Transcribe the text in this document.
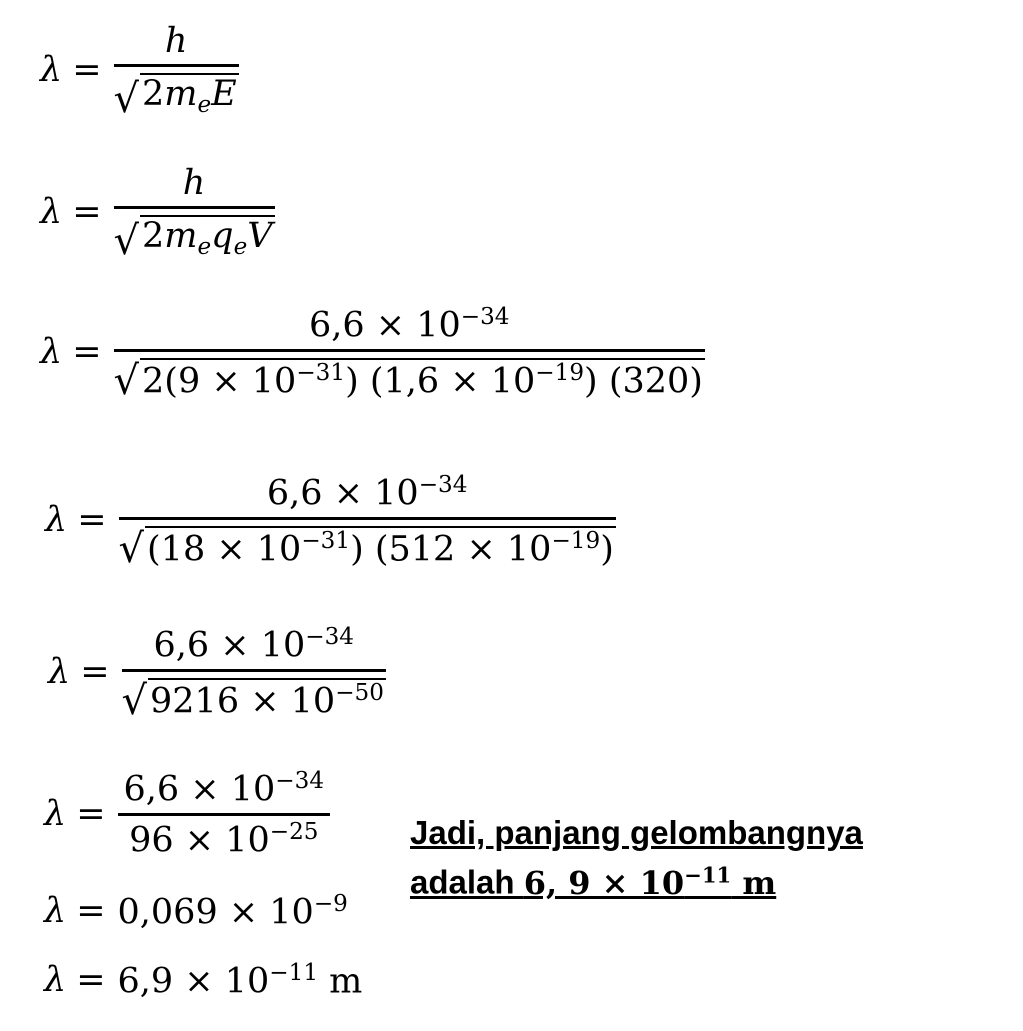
$\lambda = \frac{h}{√ 2m_eE}$
$\lambda = \frac{h}{√ 2m_eq_eV}$
$\lambda = \frac{6,6 \times 10^{-34}}{√ 2(9 \times 10^{-31}) (1,6 \times 10^{-19}) (320)}$
$\lambda = \frac{6,6 \times 10^{-34}}{√ (18 \times 10^{-31}) (512 \times 10^{-19})}$
$\lambda = \frac{6,6 \times 10^{-34}}{√ 9216 \times 10^{-50}}$
$\lambda = \frac{6,6 \times 10^{-34}}{96 \times 10^{-25}}$
$\lambda = 0,069 \times 10^{-9}$
$\lambda = 6,9 \times 10^{-11}$ m
Jadi, panjang gelombangnya
adalah 6, $9 \times 10^{-11}$ m
